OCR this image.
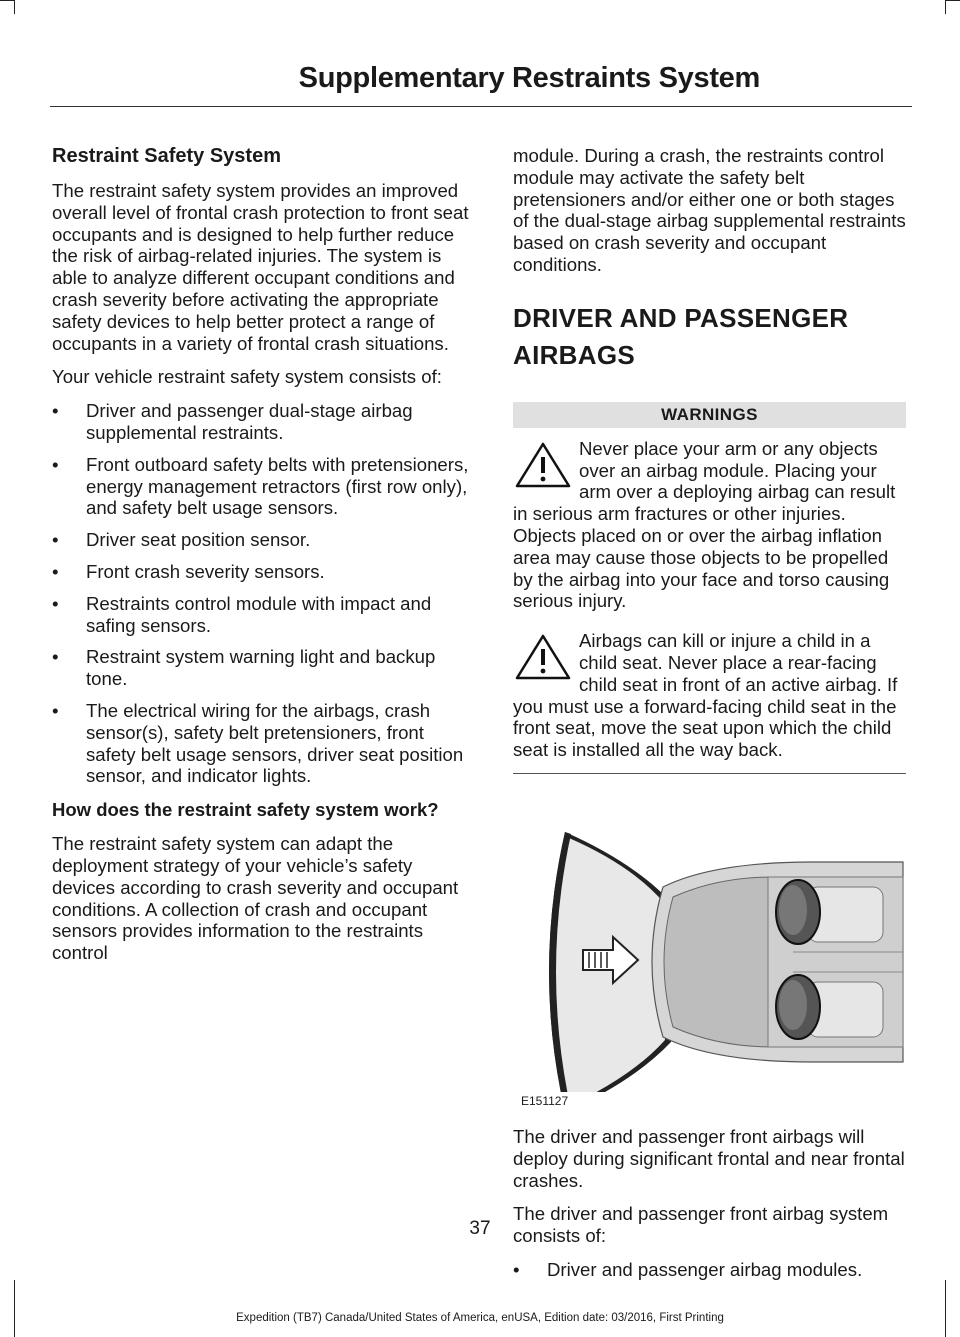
Supplementary Restraints System
Restraint Safety System

The restraint safety system provides an improved overall level of frontal crash protection to front seat occupants and is designed to help further reduce the risk of airbag-related injuries. The system is able to analyze different occupant conditions and crash severity before activating the appropriate safety devices to help better protect a range of occupants in a variety of frontal crash situations.

Your vehicle restraint safety system consists of:

• Driver and passenger dual-stage airbag supplemental restraints.
• Front outboard safety belts with pretensioners, energy management retractors (first row only), and safety belt usage sensors.
• Driver seat position sensor.
• Front crash severity sensors.
• Restraints control module with impact and safing sensors.
• Restraint system warning light and backup tone.
• The electrical wiring for the airbags, crash sensor(s), safety belt pretensioners, front safety belt usage sensors, driver seat position sensor, and indicator lights.
How does the restraint safety system work?

The restraint safety system can adapt the deployment strategy of your vehicle’s safety devices according to crash severity and occupant conditions. A collection of crash and occupant sensors provides information to the restraints control

module. During a crash, the restraints control module may activate the safety belt pretensioners and/or either one or both stages of the dual-stage airbag supplemental restraints based on crash severity and occupant conditions.

DRIVER AND PASSENGER AIRBAGS
WARNINGS

Never place your arm or any objects over an airbag module. Placing your arm over a deploying airbag can result in serious arm fractures or other injuries. Objects placed on or over the airbag inflation area may cause those objects to be propelled by the airbag into your face and torso causing serious injury.

Airbags can kill or injure a child in a child seat. Never place a rear-facing child seat in front of an active airbag. If you must use a forward-facing child seat in the front seat, move the seat upon which the child seat is installed all the way back.

E151127

The driver and passenger front airbags will deploy during significant frontal and near frontal crashes.

The driver and passenger front airbag system consists of:

• Driver and passenger airbag modules.
37
Expedition (TB7) Canada/United States of America, enUSA, Edition date: 03/2016, First Printing
